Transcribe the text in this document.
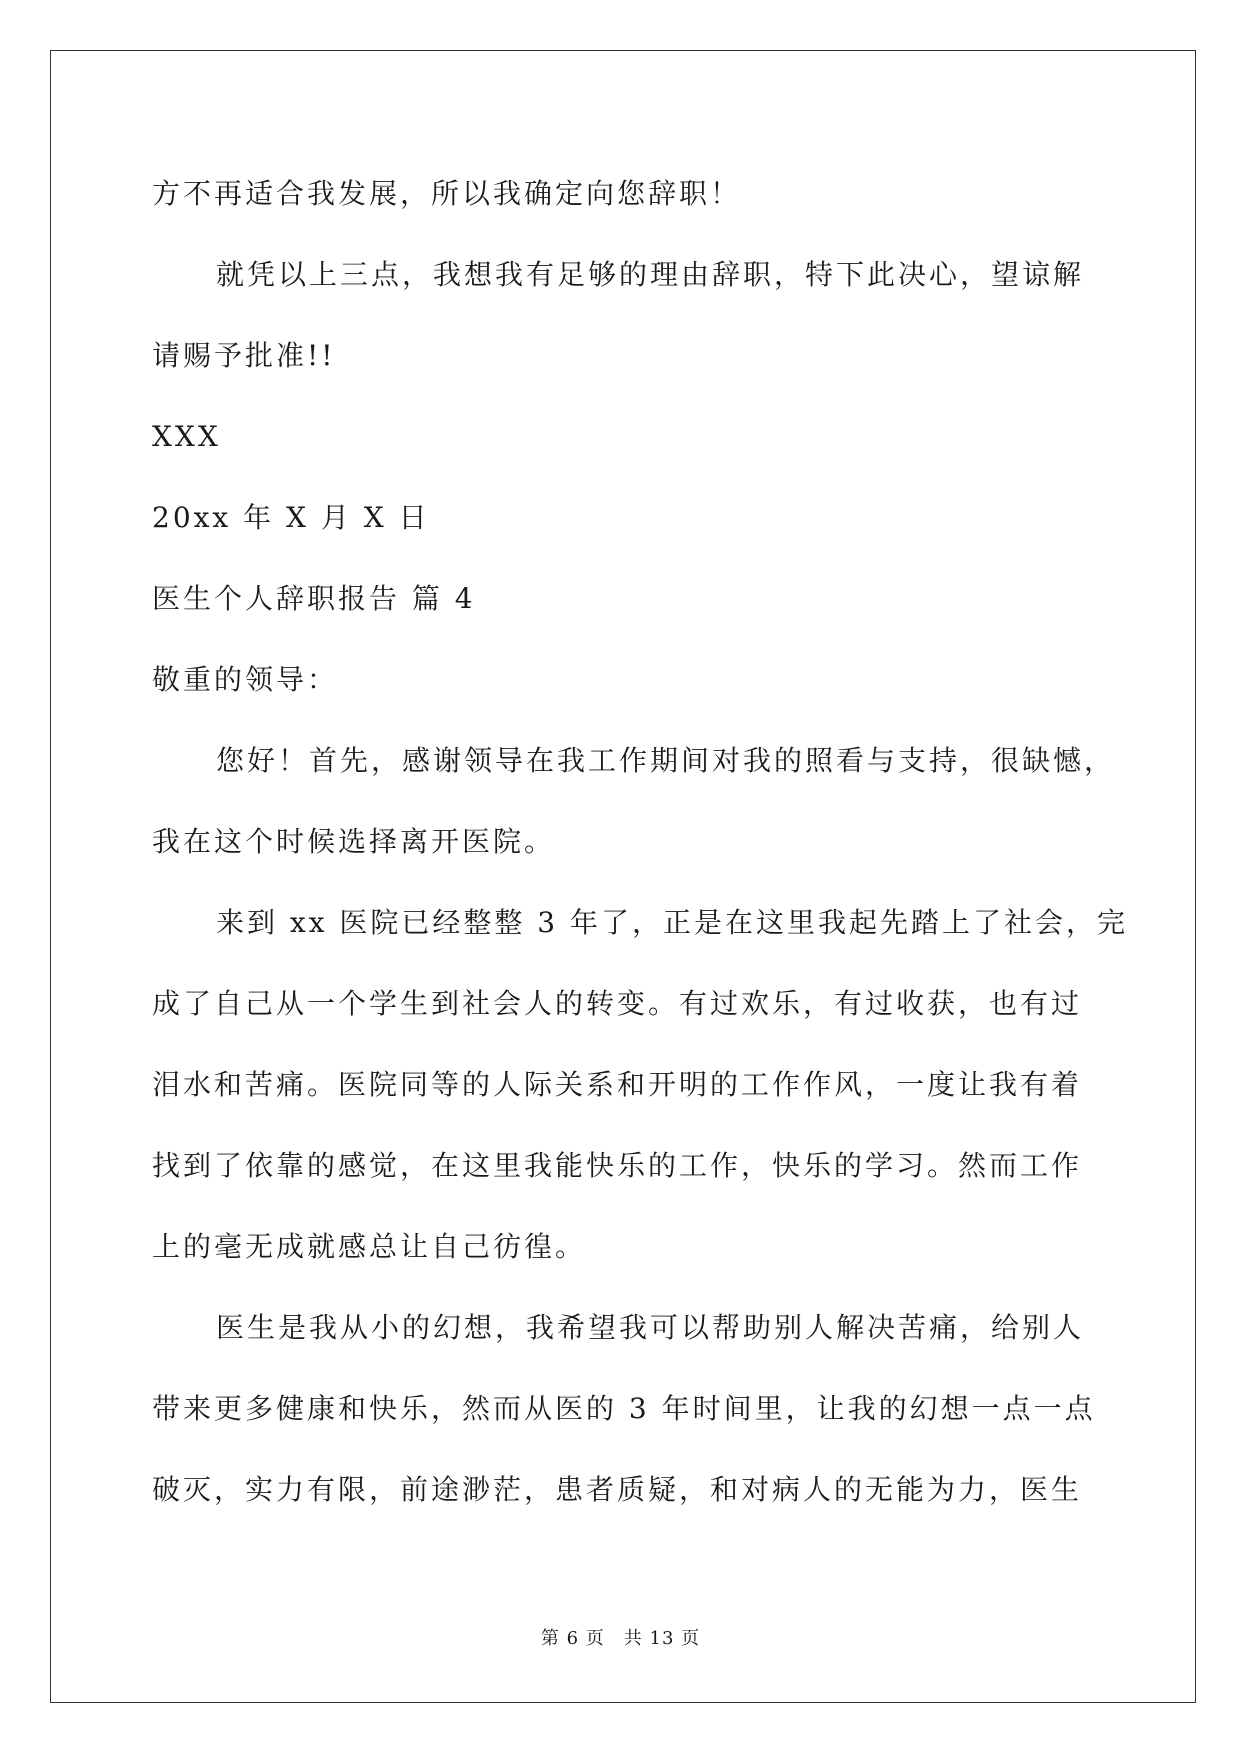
方不再适合我发展，所以我确定向您辞职！
就凭以上三点，我想我有足够的理由辞职，特下此决心，望谅解
请赐予批准!!
XXX
20xx 年 X 月 X 日
医生个人辞职报告 篇 4
敬重的领导：
您好！首先，感谢领导在我工作期间对我的照看与支持，很缺憾，
我在这个时候选择离开医院。
来到 xx 医院已经整整 3 年了，正是在这里我起先踏上了社会，完
成了自己从一个学生到社会人的转变。有过欢乐，有过收获，也有过
泪水和苦痛。医院同等的人际关系和开明的工作作风，一度让我有着
找到了依靠的感觉，在这里我能快乐的工作，快乐的学习。然而工作
上的毫无成就感总让自己彷徨。
医生是我从小的幻想，我希望我可以帮助别人解决苦痛，给别人
带来更多健康和快乐，然而从医的 3 年时间里，让我的幻想一点一点
破灭，实力有限，前途渺茫，患者质疑，和对病人的无能为力，医生
第 6 页　共 13 页
